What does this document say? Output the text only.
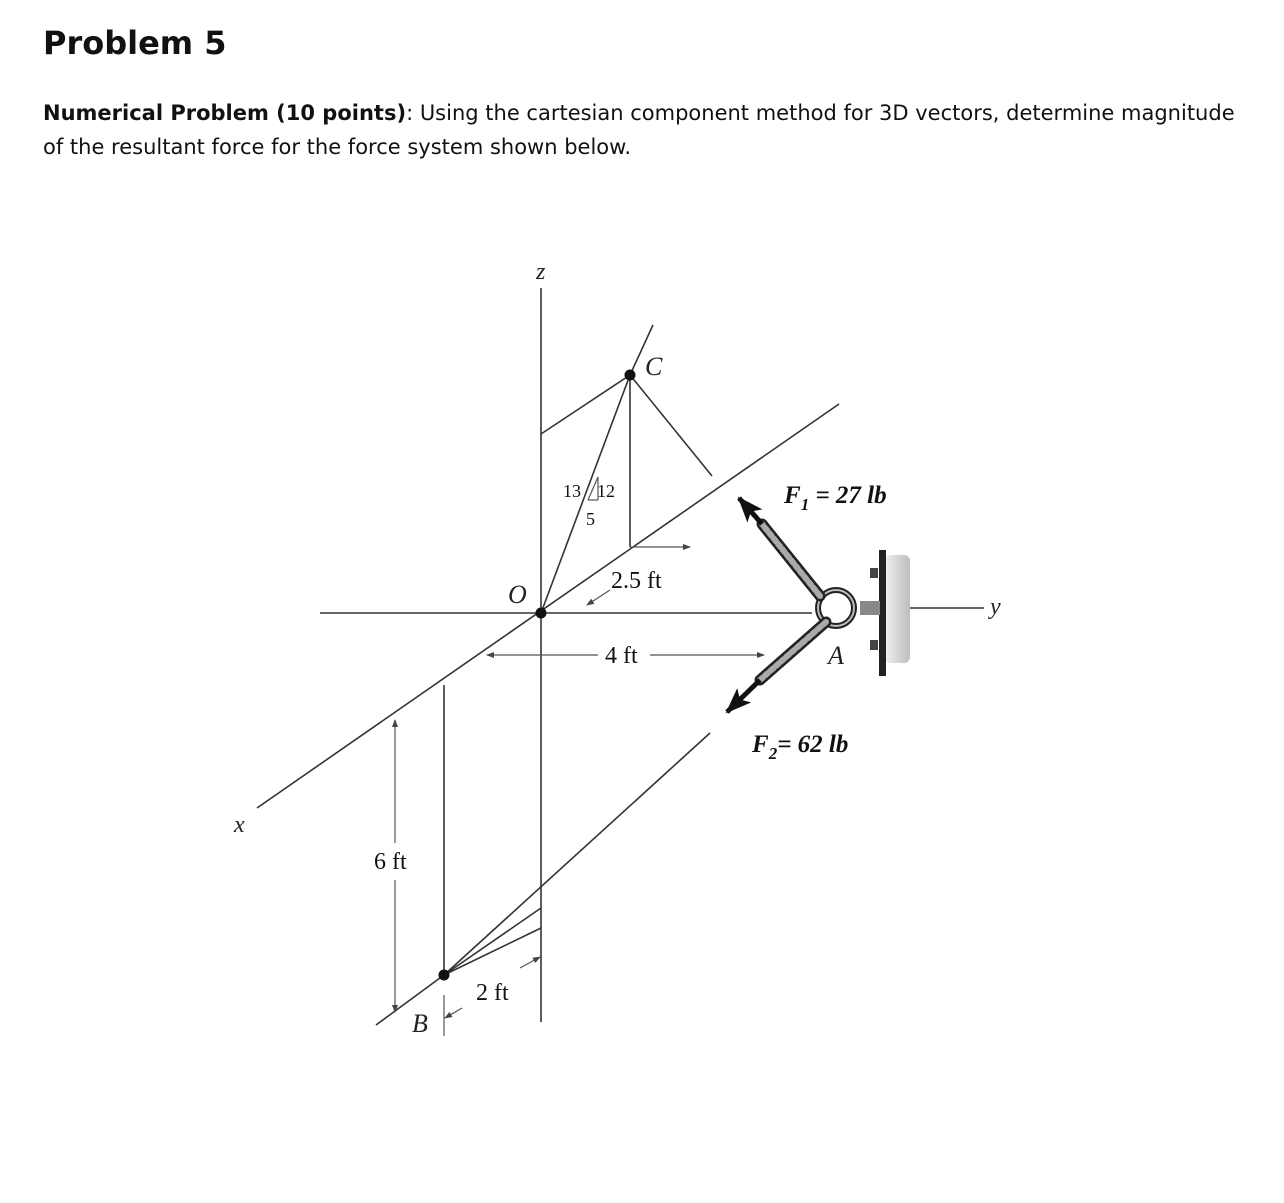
Problem 5

Numerical Problem (10 points): Using the cartesian component method for 3D vectors, determine magnitude of the resultant force for the force system shown below.

z
y
x
O
C
A
B
2.5 ft
4 ft
6 ft
2 ft
13 12
5
$F_1 = 27$ lb
$F_2= 62$ lb
